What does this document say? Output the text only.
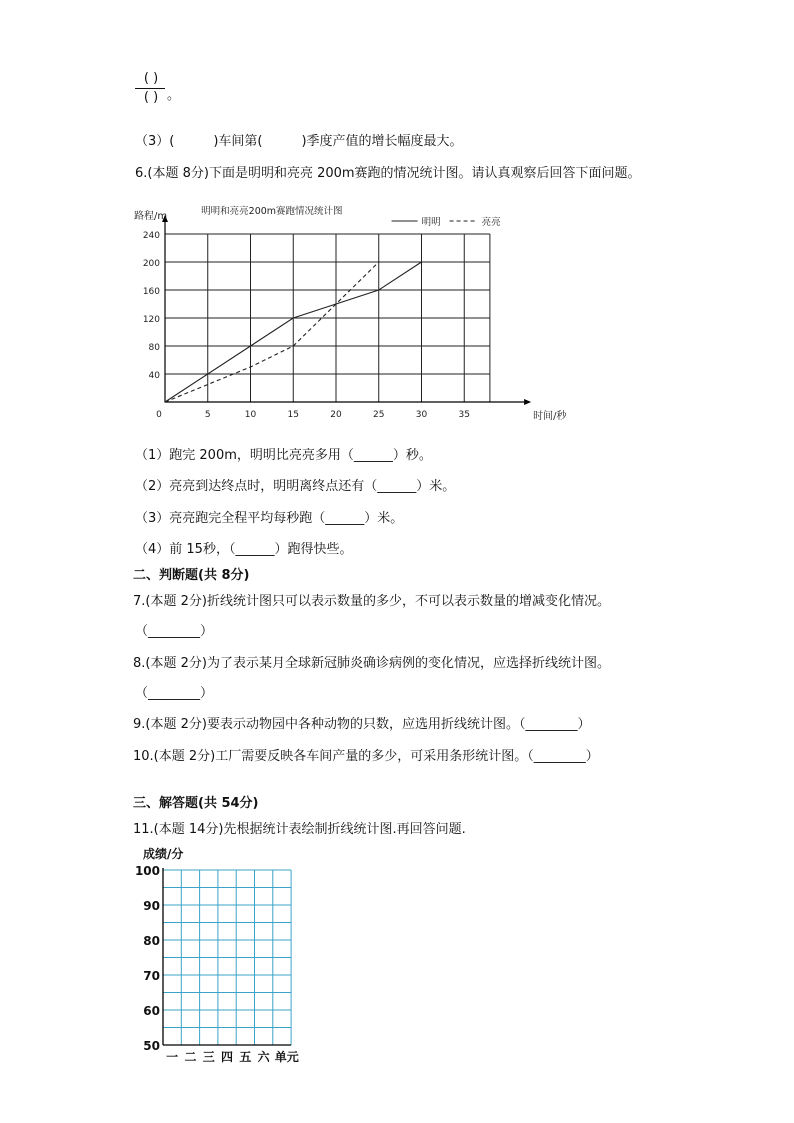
( )
( ) 。
（3）(　　　)车间第(　　　)季度产值的增长幅度最大。
6.(本题 8分)下面是明明和亮亮 200m赛跑的情况统计图。请认真观察后回答下面问题。
40
80
120
160
200
240
5	10	15	20	25	30	35
0
路程/m
时间/秒
明明和亮亮200m赛跑情况统计图
明明	亮亮
（1）跑完 200m，明明比亮亮多用（______）秒。
（2）亮亮到达终点时，明明离终点还有（______）米。
（3）亮亮跑完全程平均每秒跑（______）米。
（4）前 15秒，（______）跑得快些。
二、判断题(共 8分)
7.(本题 2分)折线统计图只可以表示数量的多少，不可以表示数量的增减变化情况。
（________）
8.(本题 2分)为了表示某月全球新冠肺炎确诊病例的变化情况，应选择折线统计图。
（________）
9.(本题 2分)要表示动物园中各种动物的只数，应选用折线统计图。（________）
10.(本题 2分)工厂需要反映各车间产量的多少，可采用条形统计图。（________）
三、解答题(共 54分)
11.(本题 14分)先根据统计表绘制折线统计图.再回答问题.
成绩/分
100
90
80
70
60
50
一 二 三 四 五 六 单元
